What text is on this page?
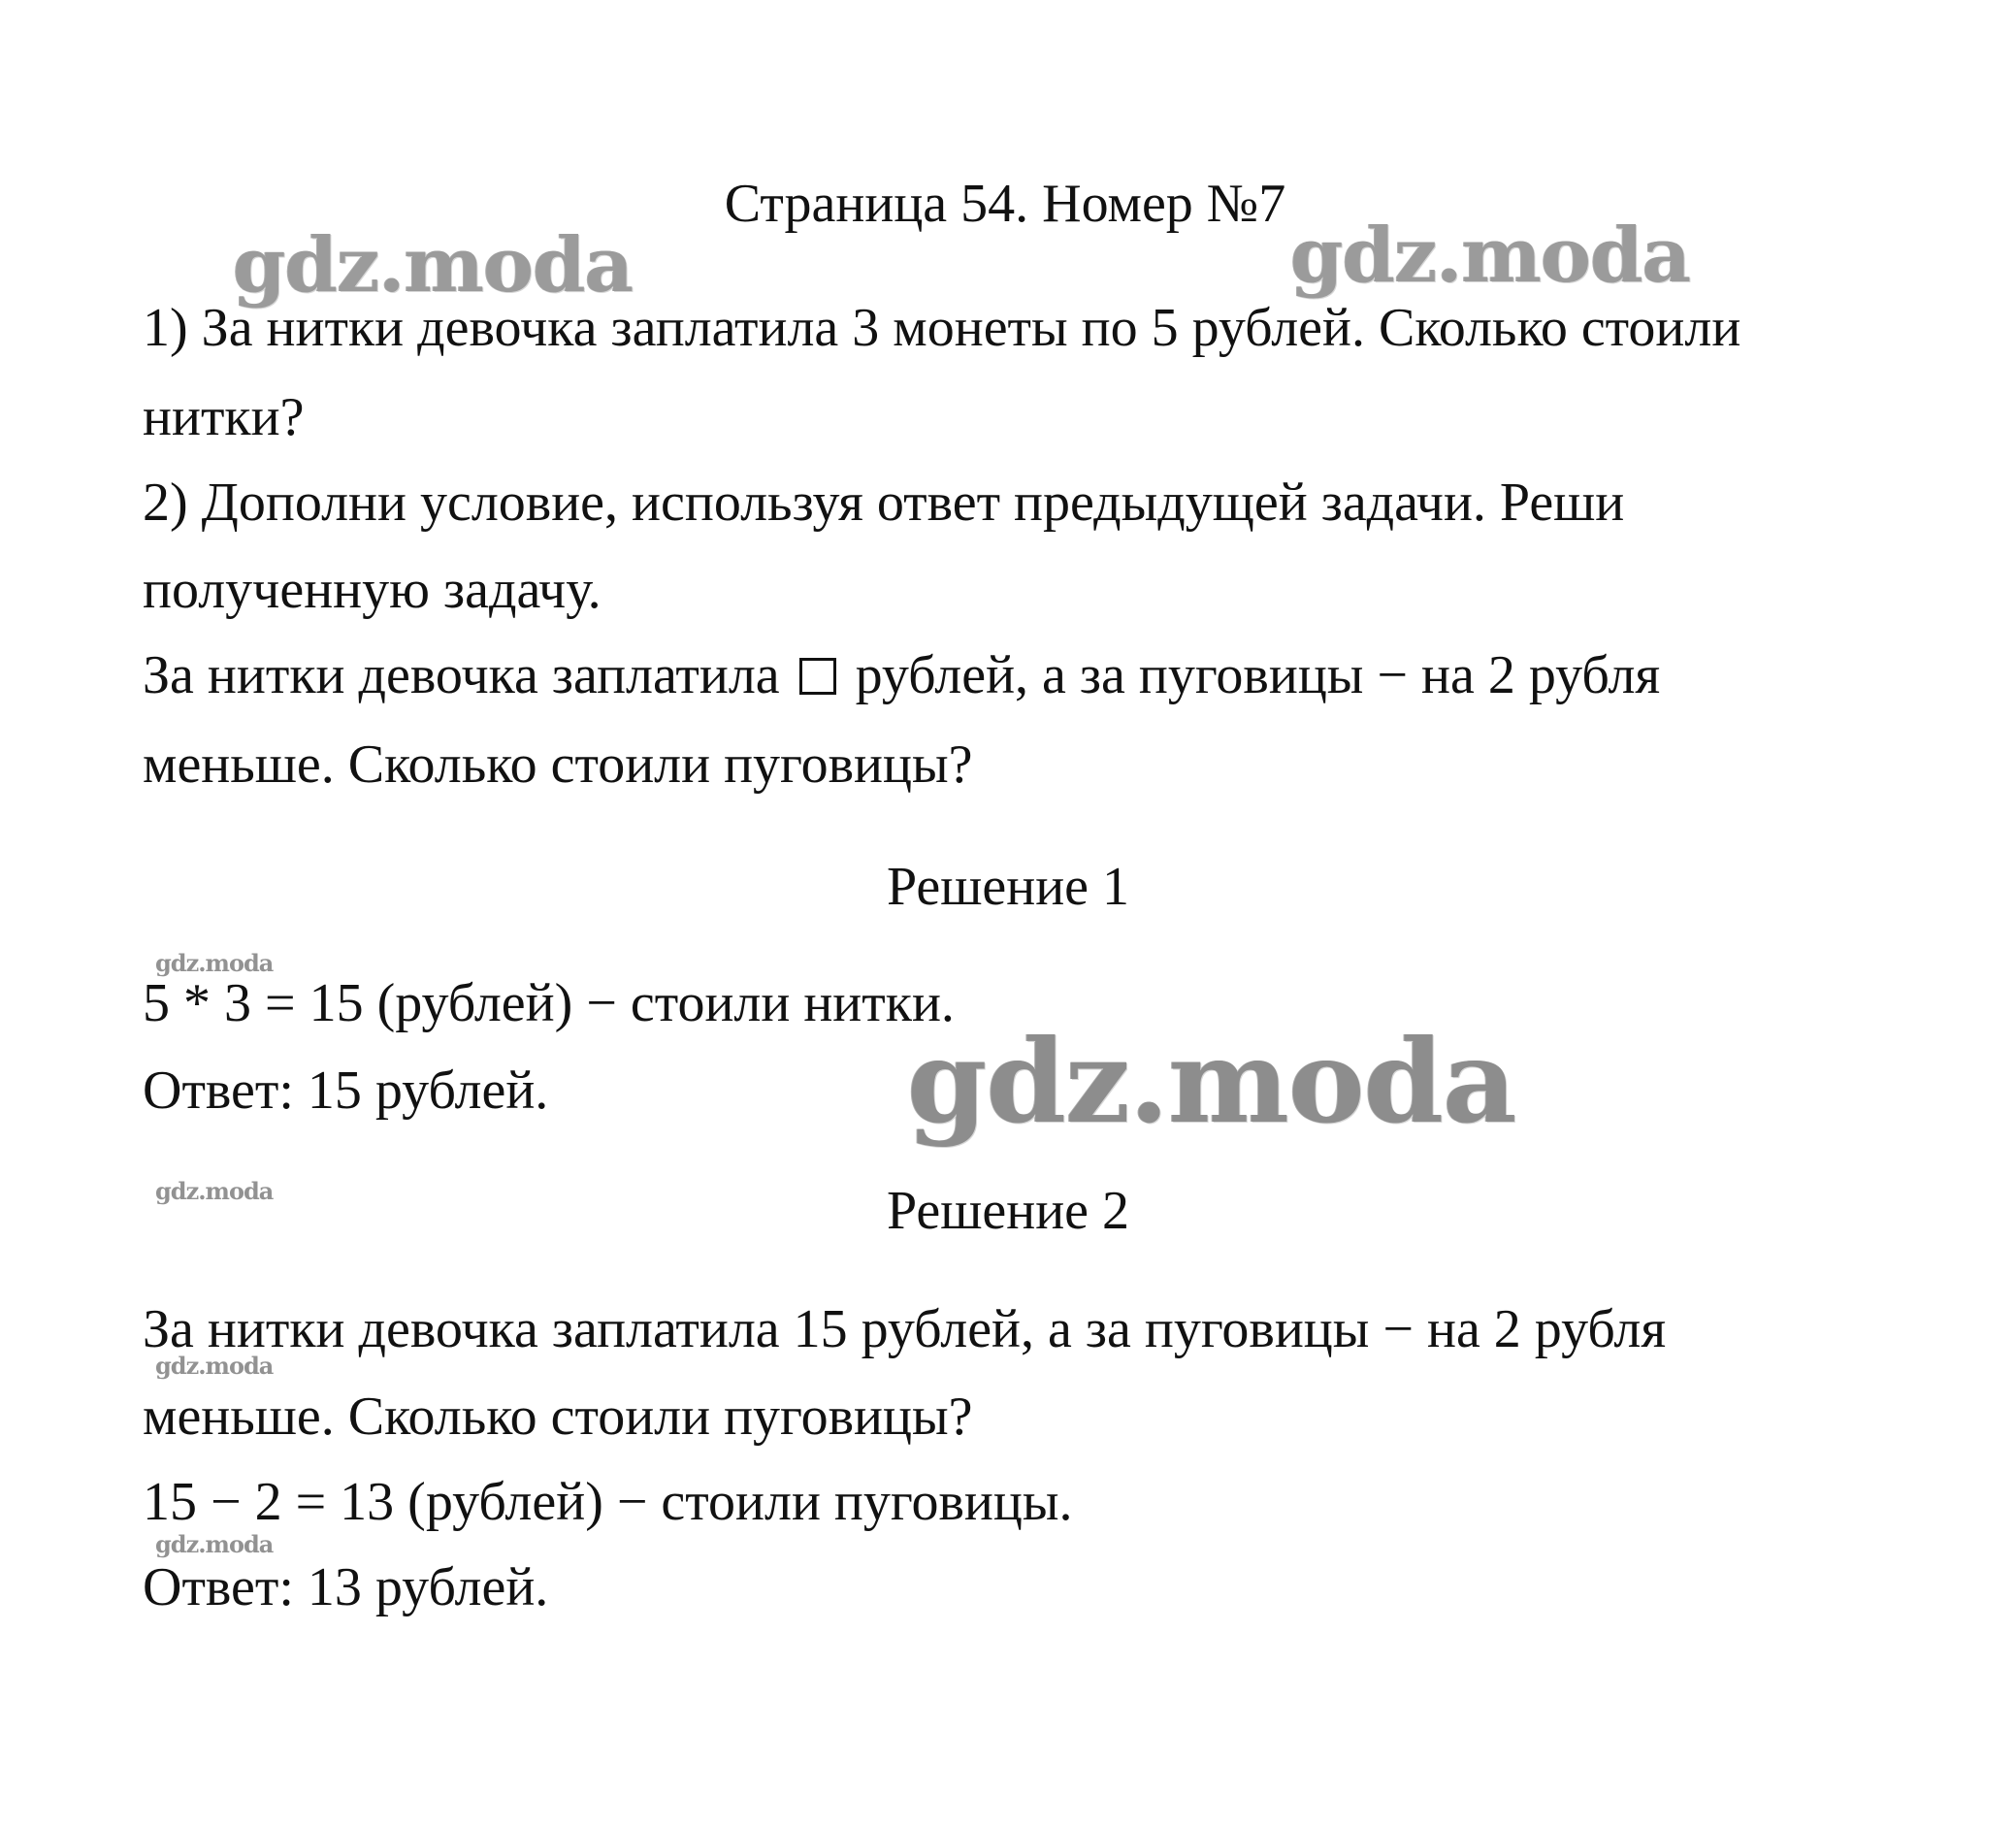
gdz.moda	gdz.moda
gdz.moda
gdz.moda
gdz.moda
gdz.moda
gdz.moda
Страница 54. Номер №7
1) За нитки девочка заплатила 3 монеты по 5 рублей. Сколько стоили
нитки?
2) Дополни условие, используя ответ предыдущей задачи. Реши
полученную задачу.
За нитки девочка заплатила рублей, а за пуговицы − на 2 рубля
меньше. Сколько стоили пуговицы?
Решение 1
5 * 3 = 15 (рублей) − стоили нитки.
Ответ: 15 рублей.
Решение 2
За нитки девочка заплатила 15 рублей, а за пуговицы − на 2 рубля
меньше. Сколько стоили пуговицы?
15 − 2 = 13 (рублей) − стоили пуговицы.
Ответ: 13 рублей.
